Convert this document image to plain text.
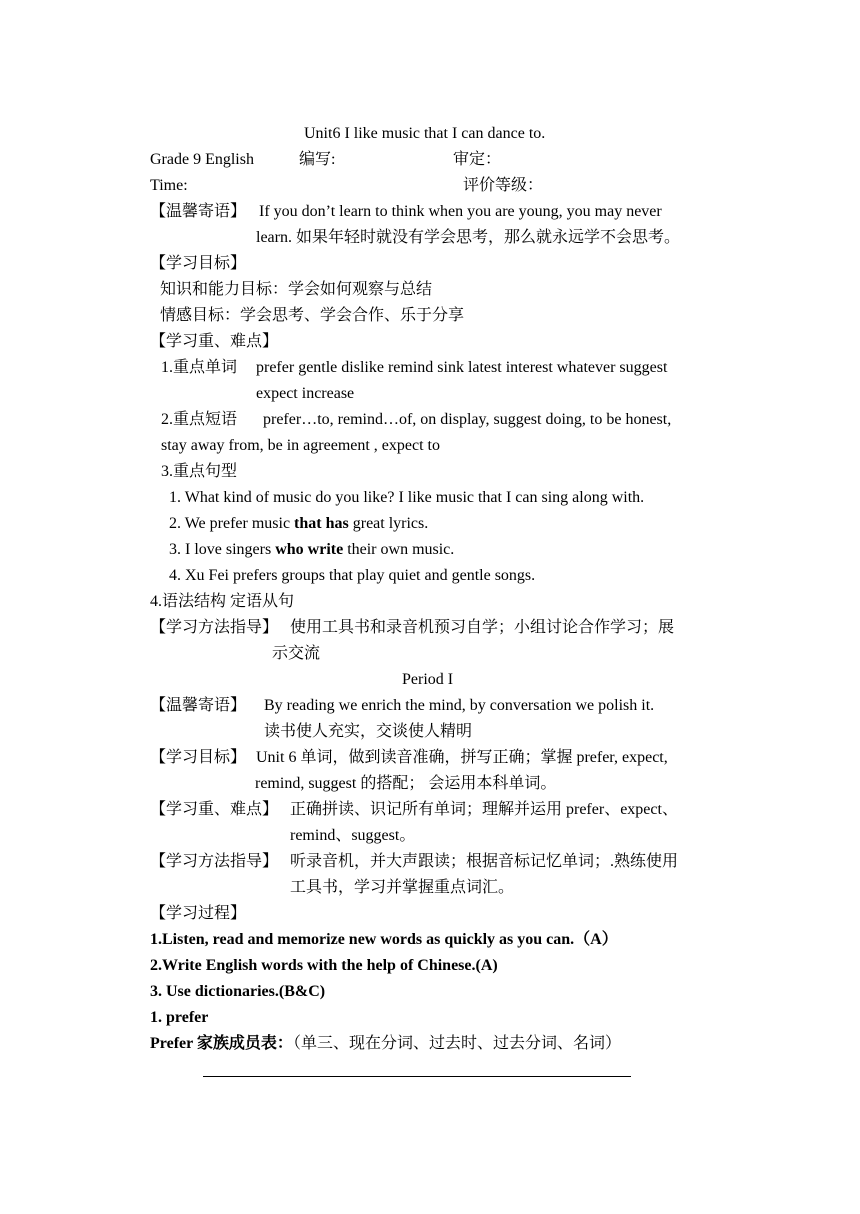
Unit6 I like music that I can dance to.
Grade 9 English	编写:	审定：
Time:	评价等级：
【温馨寄语】 If you don’t learn to think when you are young, you may never
learn. 如果年轻时就没有学会思考，那么就永远学不会思考。
【学习目标】
知识和能力目标：学会如何观察与总结
情感目标：学会思考、学会合作、乐于分享
【学习重、难点】
1.重点单词 prefer gentle dislike remind sink latest interest whatever suggest
expect increase
2.重点短语 prefer…to, remind…of, on display, suggest doing, to be honest,
stay away from, be in agreement , expect to
3.重点句型
1. What kind of music do you like? I like music that I can sing along with.
2. We prefer music that has great lyrics.
3. I love singers who write their own music.
4. Xu Fei prefers groups that play quiet and gentle songs.
4.语法结构 定语从句
【学习方法指导】 使用工具书和录音机预习自学；小组讨论合作学习；展
示交流
Period I
【温馨寄语】 By reading we enrich the mind, by conversation we polish it.
读书使人充实，交谈使人精明
【学习目标】 Unit 6 单词，做到读音准确，拼写正确；掌握 prefer, expect,
remind, suggest 的搭配； 会运用本科单词。
【学习重、难点】 正确拼读、识记所有单词；理解并运用 prefer、expect、
remind、suggest。
【学习方法指导】 听录音机，并大声跟读；根据音标记忆单词；.熟练使用
工具书，学习并掌握重点词汇。
【学习过程】
1.Listen, read and memorize new words as quickly as you can.（A）
2.Write English words with the help of Chinese.(A)
3. Use dictionaries.(B&C)
1. prefer
Prefer 家族成员表：（单三、现在分词、过去时、过去分词、名词）
